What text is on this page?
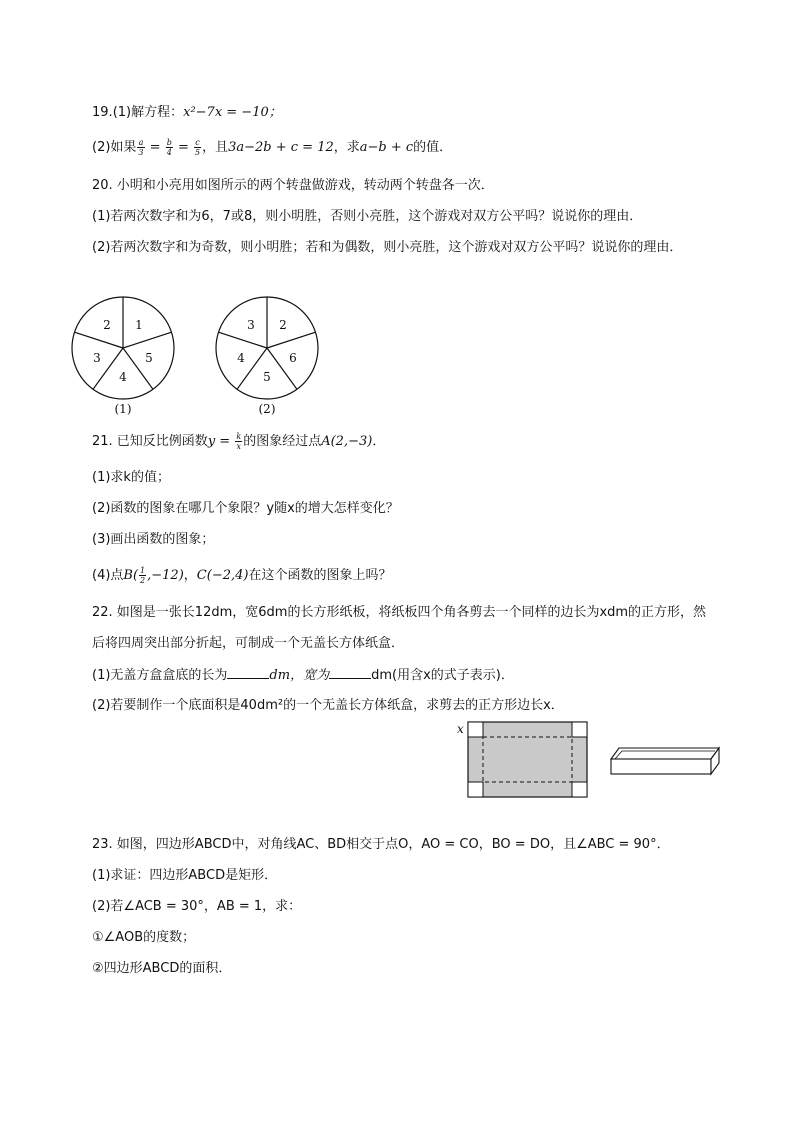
19.(1)解方程：x²−7x = −10；
(2)如果 $\frac{a}{3} = \frac{b}{4} = \frac{c}{5}$ ，且3a−2b + c = 12，求a−b + c的值．
20. 小明和小亮用如图所示的两个转盘做游戏，转动两个转盘各一次．
(1)若两次数字和为6，7或8，则小明胜，否则小亮胜，这个游戏对双方公平吗？说说你的理由．
(2)若两次数字和为奇数，则小明胜；若和为偶数，则小亮胜，这个游戏对双方公平吗？说说你的理由．
1
5
4
3
2
(1)
2
6
5
4
3
(2)
21. 已知反比例函数$y = \frac{k}{x}$ 的图象经过点A(2,−3)．
(1)求k的值；
(2)函数的图象在哪几个象限？y随x的增大怎样变化？
(3)画出函数的图象；
(4)点$B( \frac{1}{2} ,-12)$，C(−2,4)在这个函数的图象上吗？
22. 如图是一张长12dm，宽6dm的长方形纸板，将纸板四个角各剪去一个同样的边长为xdm的正方形，然
后将四周突出部分折起，可制成一个无盖长方体纸盒．
(1)无盖方盒盒底的长为	dm，宽为	dm(用含x的式子表示)．
(2)若要制作一个底面积是40dm²的一个无盖长方体纸盒，求剪去的正方形边长x．
x
23. 如图，四边形ABCD中，对角线AC、BD相交于点O，AO = CO，BO = DO，且∠ABC = 90°．
(1)求证：四边形ABCD是矩形．
(2)若∠ACB = 30°，AB = 1，求：
①∠AOB的度数；
②四边形ABCD的面积．
